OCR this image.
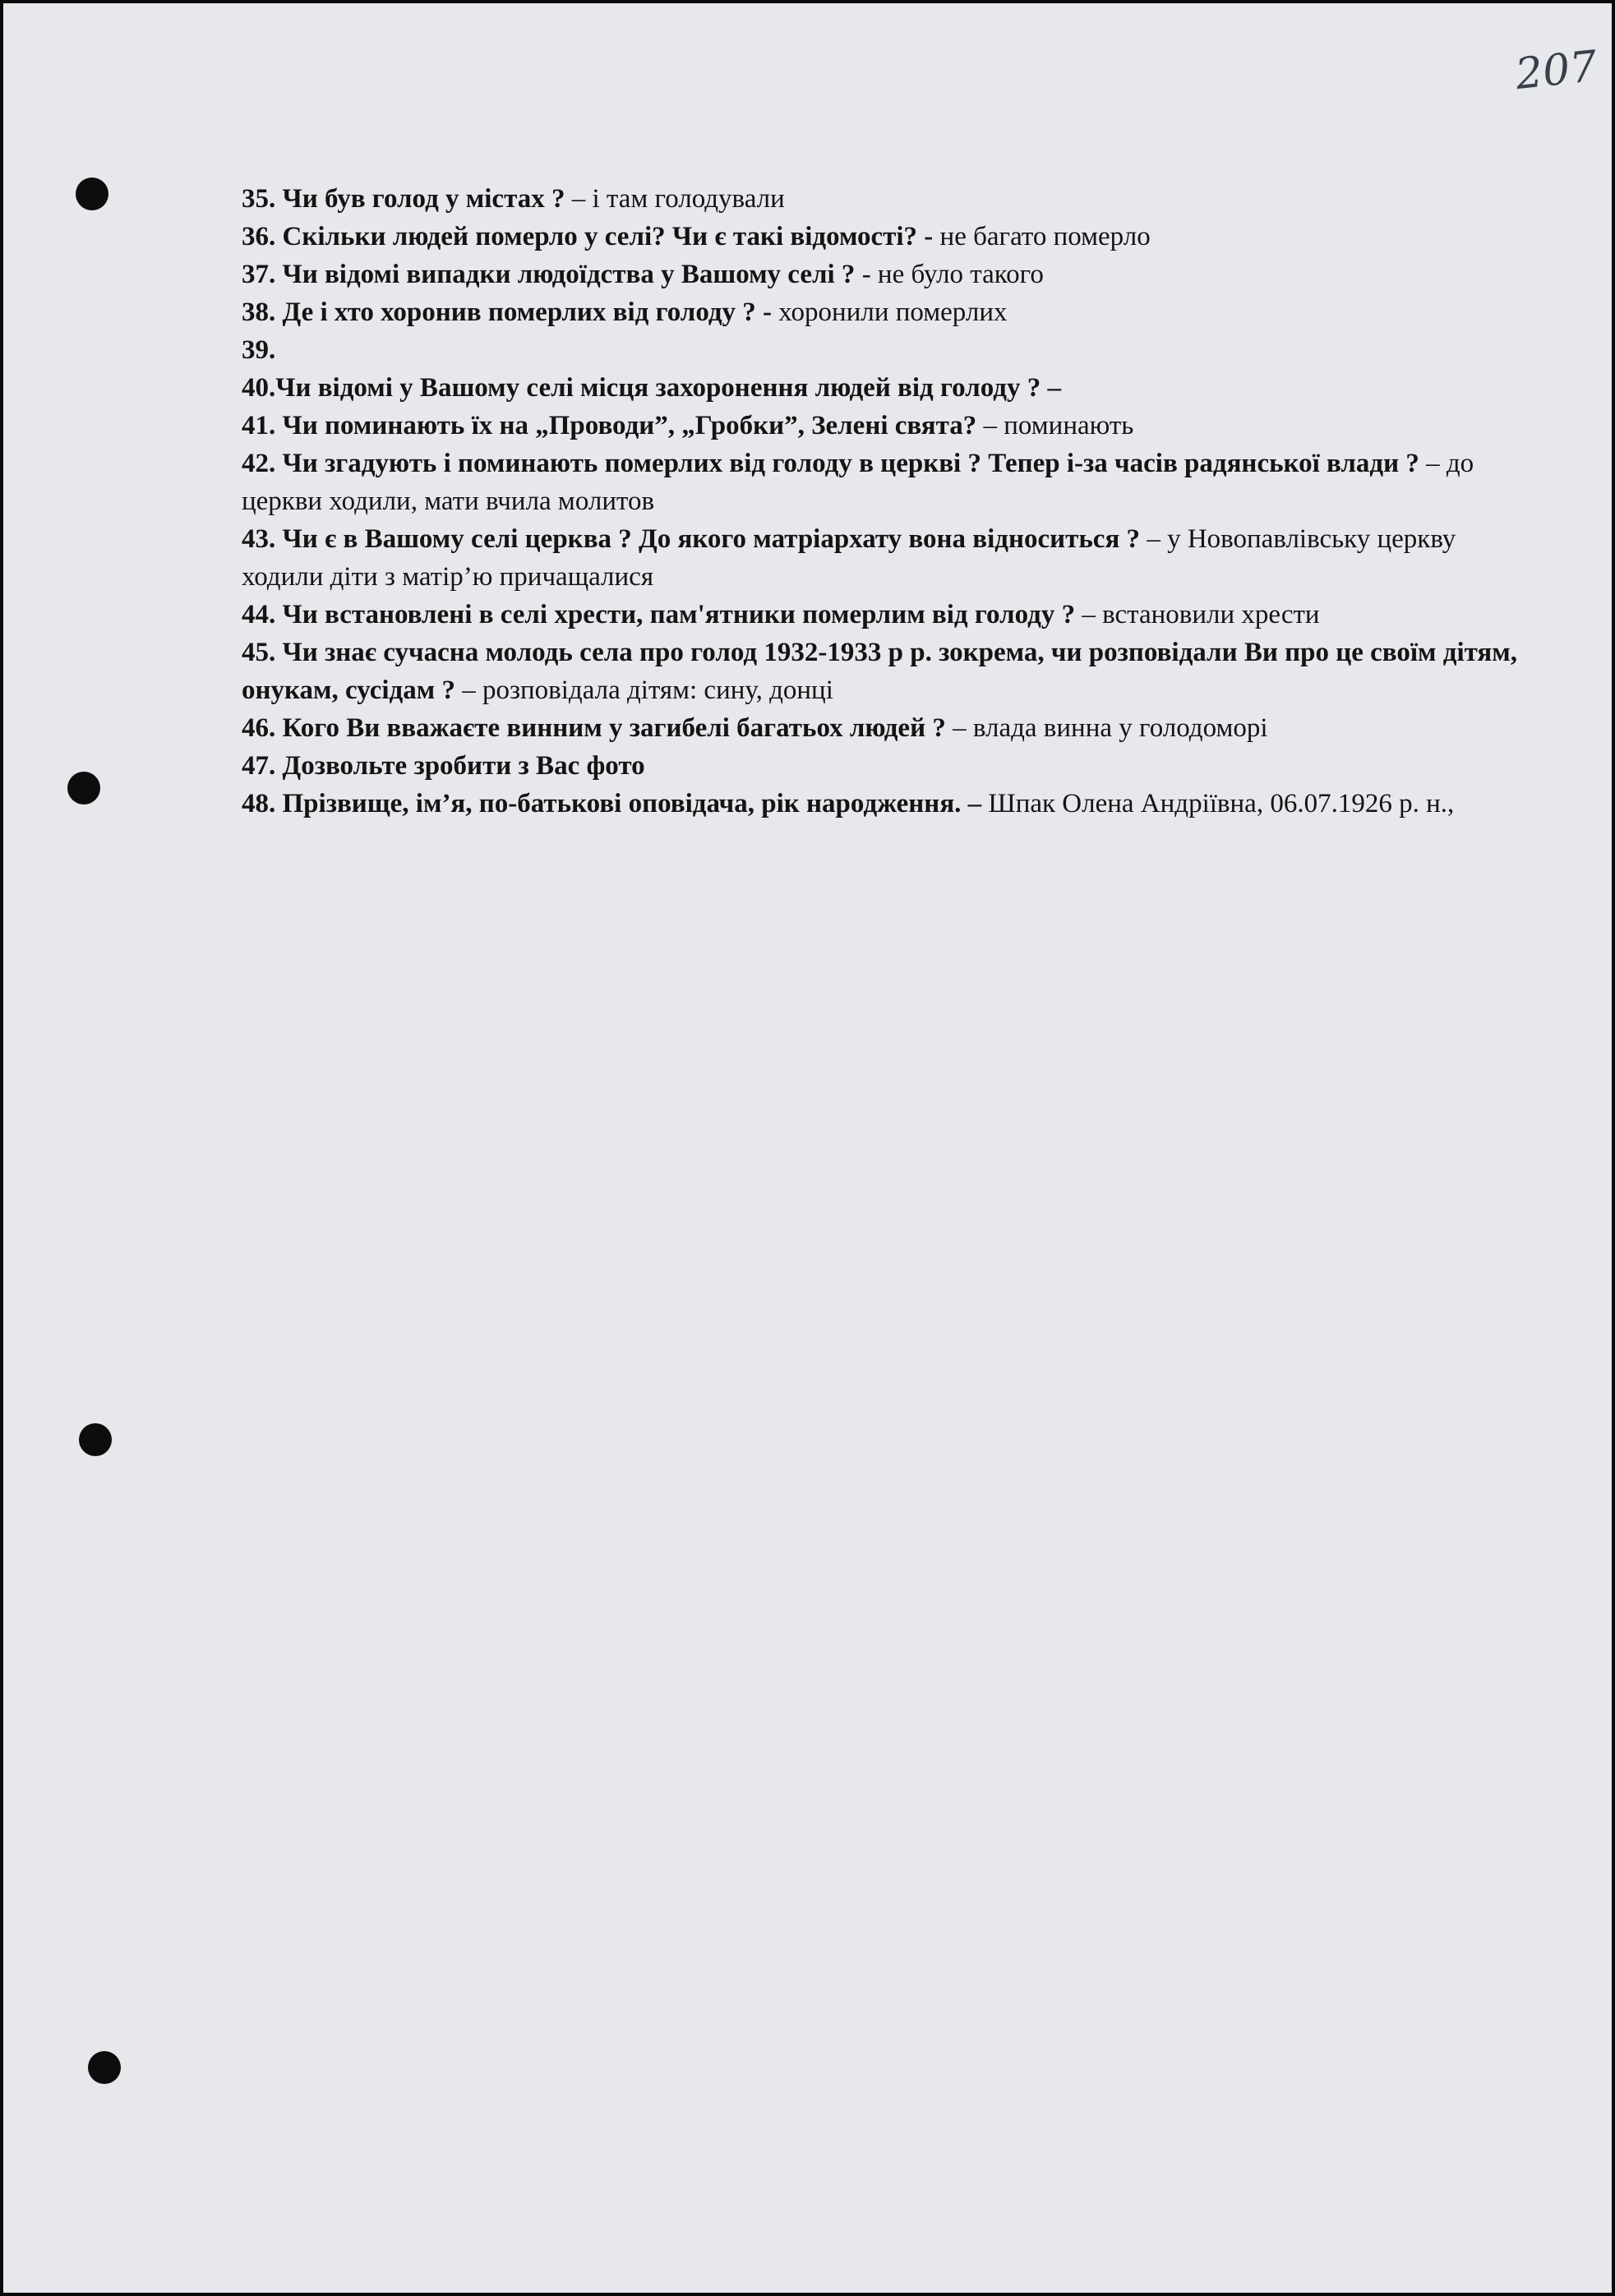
207

35. Чи був голод у містах ? – і там голодували

36. Скільки людей померло у селі? Чи є такі відомості? - не багато померло

37. Чи відомі випадки людоїдства у Вашому селі ? - не було такого

38. Де і хто хоронив померлих від голоду ? - хоронили померлих

39.

40.Чи відомі у Вашому селі місця захоронення людей від голоду ? –

41. Чи поминають їх на „Проводи”, „Гробки”, Зелені свята? – поминають

42. Чи згадують і поминають померлих від голоду в церкві ? Тепер і-за часів радянської влади ? – до церкви ходили, мати вчила молитов

43. Чи є в Вашому селі церква ? До якого матріархату вона відноситься ? – у Новопавлівську церкву ходили діти з матір’ю причащалися

44. Чи встановлені в селі хрести, пам'ятники померлим від голоду ? – встановили хрести

45. Чи знає сучасна молодь села про голод 1932-1933 р р. зокрема, чи розповідали Ви про це своїм дітям, онукам, сусідам ? – розповідала дітям: сину, донці

46. Кого Ви вважаєте винним у загибелі багатьох людей ? – влада винна у голодоморі

47. Дозвольте зробити з Вас фото

48. Прізвище, ім’я, по-батькові оповідача, рік народження. – Шпак Олена Андріївна, 06.07.1926 р. н.,
